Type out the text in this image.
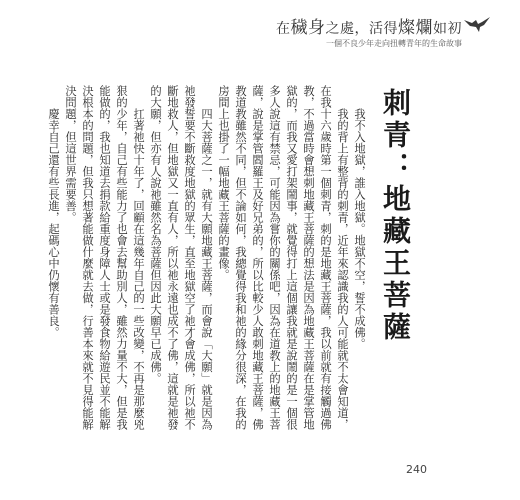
在穢身之處，活得燦爛如初
一個不良少年走向扭轉青年的生命故事
刺青：地藏王菩薩

我不入地獄，誰入地獄。地獄不空，誓不成佛。

我的背上有整背的刺青，近年來認識我的人可能就不太會知道，在我十六歲時第一個刺青，刺的是地藏王菩薩，我以前就有接觸過佛教，不過當時會想刺地藏王菩薩的想法是因為地藏王菩薩在是掌管地獄的，而我又愛打架鬧事，就覺得打上這個讓我就是說鬧的是一個很多人說這有禁忌，可能因為嘗你的關係吧，因為在道教上的地藏王菩薩，說是掌管閻羅王及好兄弟的，所以比較少人敢刺地藏王菩薩，佛教道教雖然不同，但不論如何，我總覺得我和祂的緣分很深，在我的房間上也掛了一幅地藏王菩薩的畫像。

四大菩薩之一，就有大願地藏王菩薩，而會說「大願」就是因為祂發誓要不斷救度地獄的眾生，直至地獄空了祂才會成佛，所以祂不斷地救人，但地獄又一直有人，所以祂永遠也成不了佛，這就是祂發的大願，但亦有人說祂雖然名為菩薩但因此大願早已成佛。

扛著祂快十年了，回顧在這幾年自己的一些改變，不再是那麼兇狠的少年，自己有些能力了也會去幫助別人，雖然力量不大，但是我能做的，我也知道去捐款給重度身障人士或是發食物給遊民並不能解決根本的問題，但我只想著能做什麼就去做，行善本來就不見得能解決問題，但這世界需要善。

慶幸自己還有些長進，起碼心中仍懷有善良。

240
